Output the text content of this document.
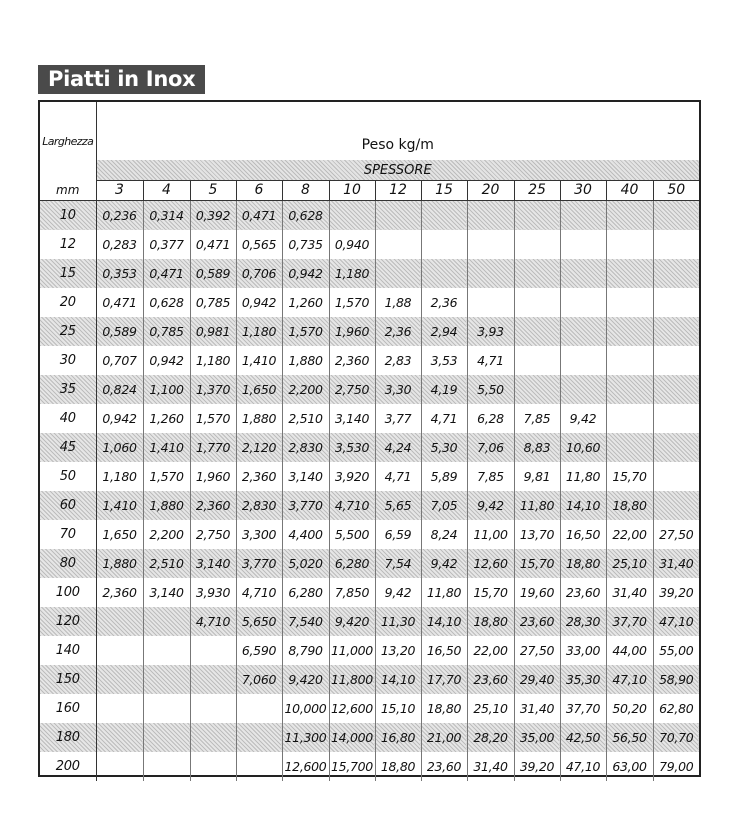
Piatti in Inox
Larghezza	Peso kg/m												
	SPESSORE												
mm	3	4	5	6	8	10	12	15	20	25	30	40	50
10	0,236	0,314	0,392	0,471	0,628								
12	0,283	0,377	0,471	0,565	0,735	0,940							
15	0,353	0,471	0,589	0,706	0,942	1,180							
20	0,471	0,628	0,785	0,942	1,260	1,570	1,88	2,36					
25	0,589	0,785	0,981	1,180	1,570	1,960	2,36	2,94	3,93				
30	0,707	0,942	1,180	1,410	1,880	2,360	2,83	3,53	4,71				
35	0,824	1,100	1,370	1,650	2,200	2,750	3,30	4,19	5,50				
40	0,942	1,260	1,570	1,880	2,510	3,140	3,77	4,71	6,28	7,85	9,42		
45	1,060	1,410	1,770	2,120	2,830	3,530	4,24	5,30	7,06	8,83	10,60		
50	1,180	1,570	1,960	2,360	3,140	3,920	4,71	5,89	7,85	9,81	11,80	15,70	
60	1,410	1,880	2,360	2,830	3,770	4,710	5,65	7,05	9,42	11,80	14,10	18,80	
70	1,650	2,200	2,750	3,300	4,400	5,500	6,59	8,24	11,00	13,70	16,50	22,00	27,50
80	1,880	2,510	3,140	3,770	5,020	6,280	7,54	9,42	12,60	15,70	18,80	25,10	31,40
100	2,360	3,140	3,930	4,710	6,280	7,850	9,42	11,80	15,70	19,60	23,60	31,40	39,20
120			4,710	5,650	7,540	9,420	11,30	14,10	18,80	23,60	28,30	37,70	47,10
140				6,590	8,790	11,000	13,20	16,50	22,00	27,50	33,00	44,00	55,00
150				7,060	9,420	11,800	14,10	17,70	23,60	29,40	35,30	47,10	58,90
160					10,000	12,600	15,10	18,80	25,10	31,40	37,70	50,20	62,80
180					11,300	14,000	16,80	21,00	28,20	35,00	42,50	56,50	70,70
200					12,600	15,700	18,80	23,60	31,40	39,20	47,10	63,00	79,00
